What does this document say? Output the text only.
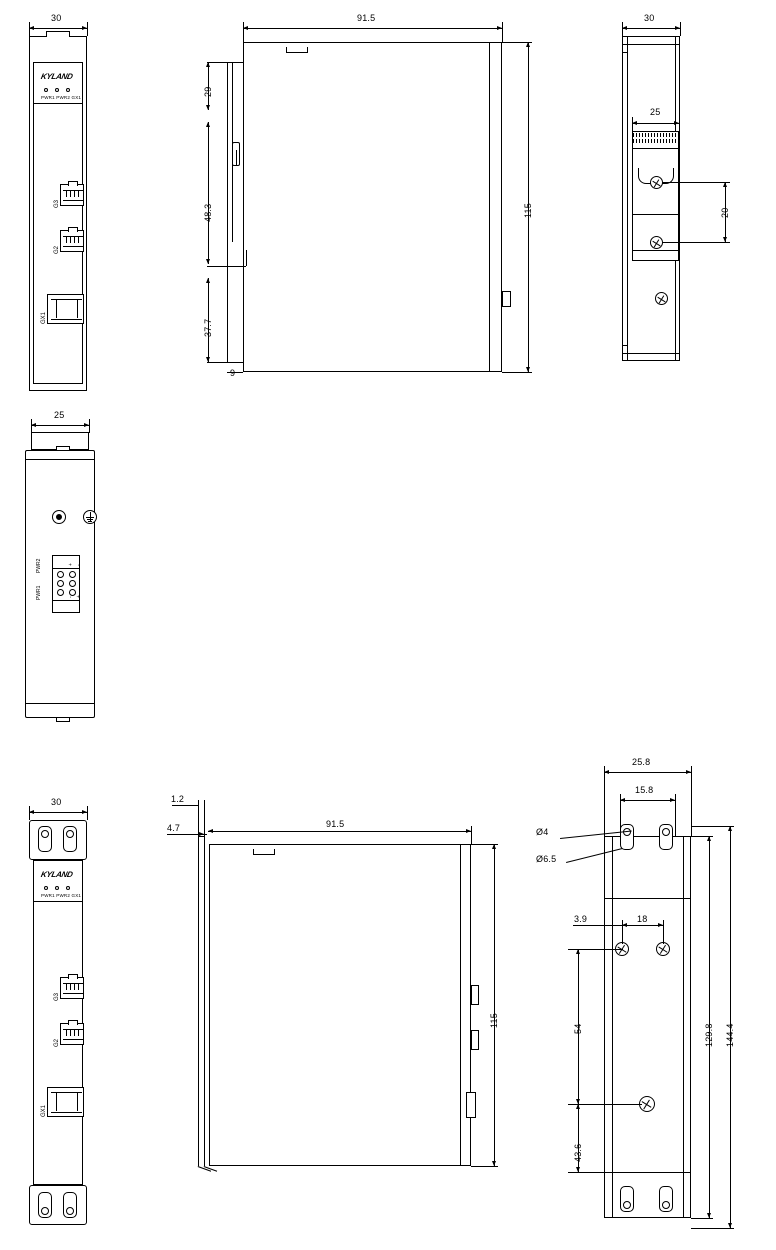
30
KYLAND
PWR1 PWR2 GX1
G3
G2
GX1
91.5
29
48.3
37.7
9
115
30
25
20
25
PWR2
PWR1
+ -
- +
30
KYLAND
PWR1 PWR2 GX1
G3
G2
GX1
1.2
4.7	91.5
115
25.8
15.8
Ø4
Ø6.5
3.9	18
54
43.6
129.8 144.4
